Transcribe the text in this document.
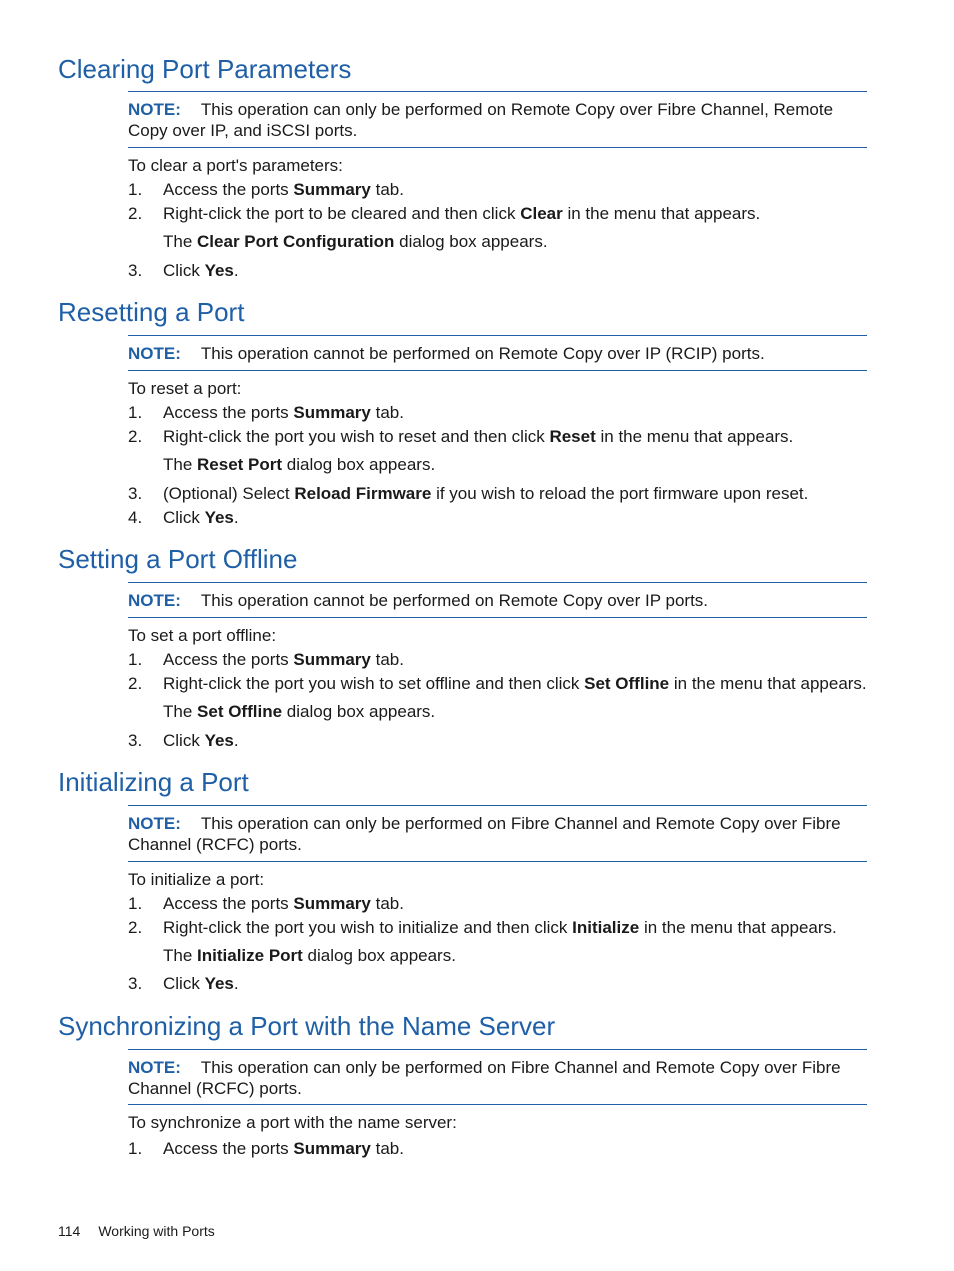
Clearing Port Parameters
NOTE: This operation can only be performed on Remote Copy over Fibre Channel, Remote Copy over IP, and iSCSI ports.
To clear a port's parameters:
1. Access the ports Summary tab.
2. Right-click the port to be cleared and then click Clear in the menu that appears.
The Clear Port Configuration dialog box appears.
3. Click Yes.
Resetting a Port
NOTE: This operation cannot be performed on Remote Copy over IP (RCIP) ports.
To reset a port:
1. Access the ports Summary tab.
2. Right-click the port you wish to reset and then click Reset in the menu that appears.
The Reset Port dialog box appears.
3. (Optional) Select Reload Firmware if you wish to reload the port firmware upon reset.
4. Click Yes.
Setting a Port Offline
NOTE: This operation cannot be performed on Remote Copy over IP ports.
To set a port offline:
1. Access the ports Summary tab.
2. Right-click the port you wish to set offline and then click Set Offline in the menu that appears.
The Set Offline dialog box appears.
3. Click Yes.
Initializing a Port
NOTE: This operation can only be performed on Fibre Channel and Remote Copy over Fibre Channel (RCFC) ports.
To initialize a port:
1. Access the ports Summary tab.
2. Right-click the port you wish to initialize and then click Initialize in the menu that appears.
The Initialize Port dialog box appears.
3. Click Yes.
Synchronizing a Port with the Name Server
NOTE: This operation can only be performed on Fibre Channel and Remote Copy over Fibre Channel (RCFC) ports.
To synchronize a port with the name server:
1. Access the ports Summary tab.
114 Working with Ports
